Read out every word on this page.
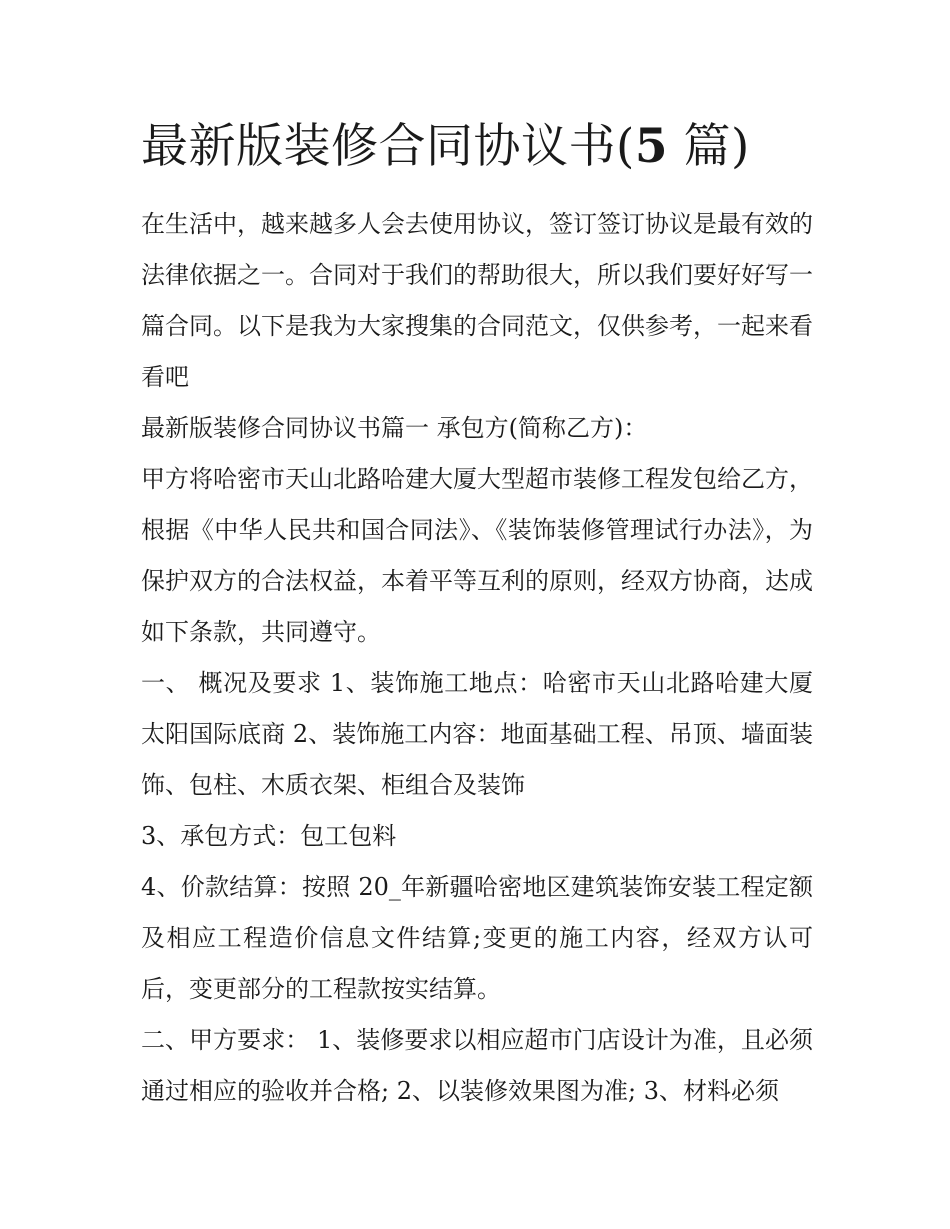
最新版装修合同协议书(5 篇)

在生活中，越来越多人会去使用协议，签订签订协议是最有效的法律依据之一。合同对于我们的帮助很大，所以我们要好好写一篇合同。以下是我为大家搜集的合同范文，仅供参考，一起来看看吧

最新版装修合同协议书篇一 承包方(简称乙方)：

甲方将哈密市天山北路哈建大厦大型超市装修工程发包给乙方，根据《中华人民共和国合同法》、《装饰装修管理试行办法》，为保护双方的合法权益，本着平等互利的原则，经双方协商，达成如下条款，共同遵守。

一、 概况及要求 1、装饰施工地点：哈密市天山北路哈建大厦太阳国际底商 2、装饰施工内容：地面基础工程、吊顶、墙面装饰、包柱、木质衣架、柜组合及装饰

3、承包方式：包工包料

4、价款结算：按照 20_年新疆哈密地区建筑装饰安装工程定额及相应工程造价信息文件结算;变更的施工内容，经双方认可后，变更部分的工程款按实结算。

二、甲方要求： 1、装修要求以相应超市门店设计为准，且必须通过相应的验收并合格; 2、以装修效果图为准; 3、材料必须
